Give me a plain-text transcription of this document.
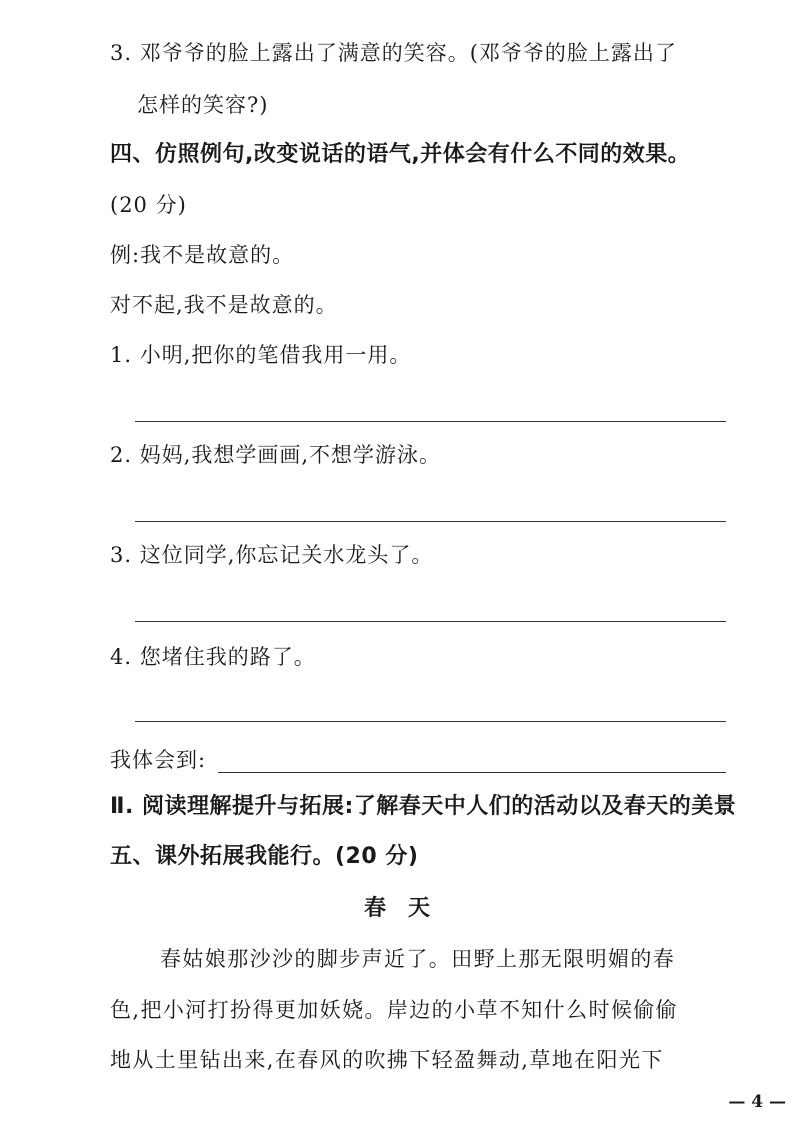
3. 邓爷爷的脸上露出了满意的笑容。(邓爷爷的脸上露出了
怎样的笑容?)
四、仿照例句,改变说话的语气,并体会有什么不同的效果。
(20 分)
例:我不是故意的。
对不起,我不是故意的。
1. 小明,把你的笔借我用一用。
2. 妈妈,我想学画画,不想学游泳。
3. 这位同学,你忘记关水龙头了。
4. 您堵住我的路了。
我体会到:
Ⅱ. 阅读理解提升与拓展:了解春天中人们的活动以及春天的美景
五、课外拓展我能行。(20 分)
春天
春姑娘那沙沙的脚步声近了。田野上那无限明媚的春
色,把小河打扮得更加妖娆。岸边的小草不知什么时候偷偷
地从土里钻出来,在春风的吹拂下轻盈舞动,草地在阳光下
— 4 —
